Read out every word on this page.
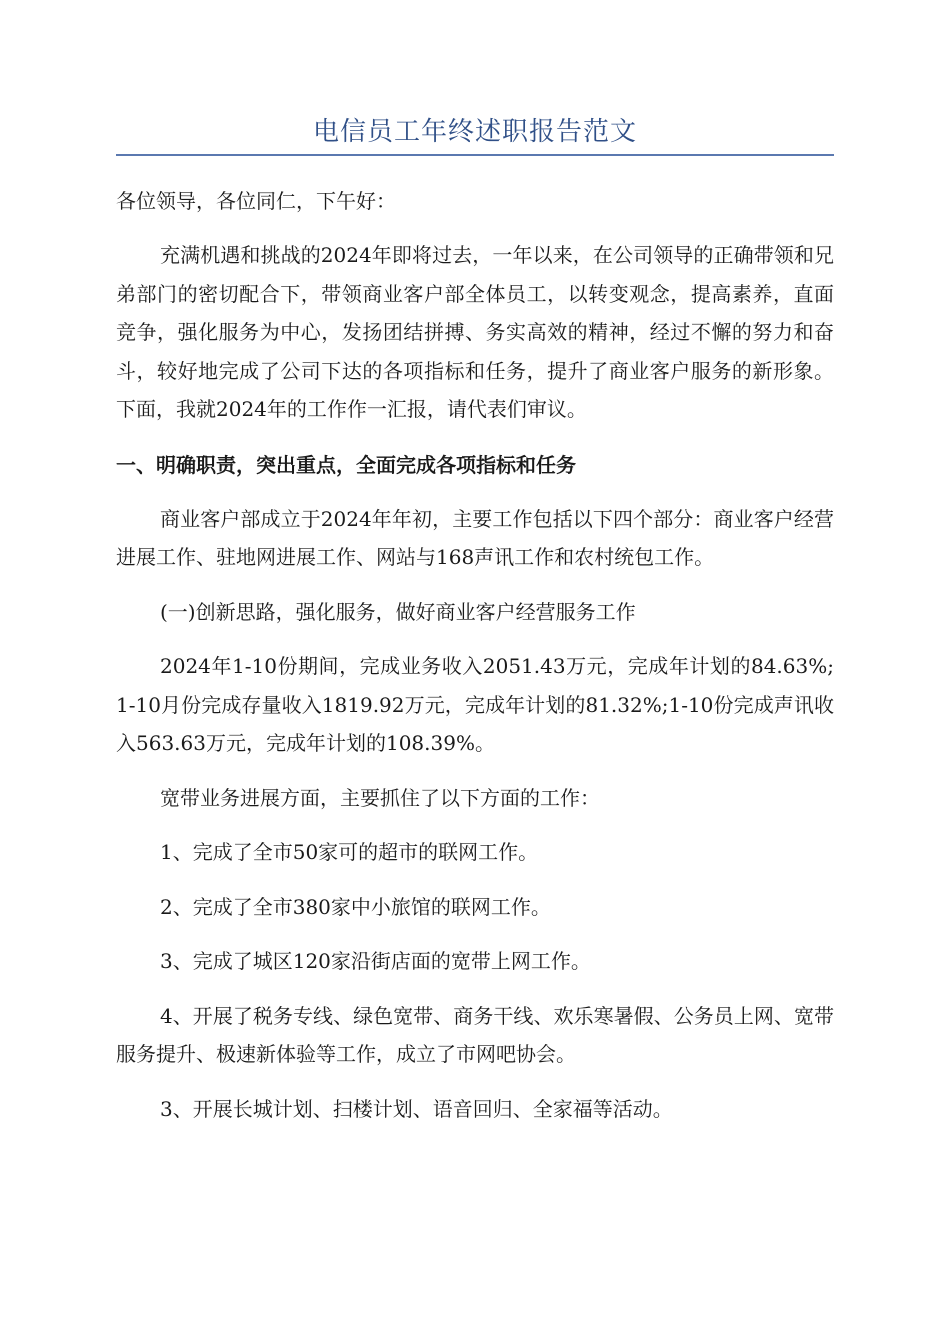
电信员工年终述职报告范文

各位领导，各位同仁，下午好：

充满机遇和挑战的2024年即将过去，一年以来，在公司领导的正确带领和兄弟部门的密切配合下，带领商业客户部全体员工，以转变观念，提高素养，直面竞争，强化服务为中心，发扬团结拼搏、务实高效的精神，经过不懈的努力和奋斗，较好地完成了公司下达的各项指标和任务，提升了商业客户服务的新形象。下面，我就2024年的工作作一汇报，请代表们审议。

一、明确职责，突出重点，全面完成各项指标和任务

商业客户部成立于2024年年初，主要工作包括以下四个部分：商业客户经营进展工作、驻地网进展工作、网站与168声讯工作和农村统包工作。

(一)创新思路，强化服务，做好商业客户经营服务工作

2024年1-10份期间，完成业务收入2051.43万元，完成年计划的84.63%;1-10月份完成存量收入1819.92万元，完成年计划的81.32%;1-10份完成声讯收入563.63万元，完成年计划的108.39%。

宽带业务进展方面，主要抓住了以下方面的工作：

1、完成了全市50家可的超市的联网工作。

2、完成了全市380家中小旅馆的联网工作。

3、完成了城区120家沿街店面的宽带上网工作。

4、开展了税务专线、绿色宽带、商务干线、欢乐寒暑假、公务员上网、宽带服务提升、极速新体验等工作，成立了市网吧协会。

3、开展长城计划、扫楼计划、语音回归、全家福等活动。
